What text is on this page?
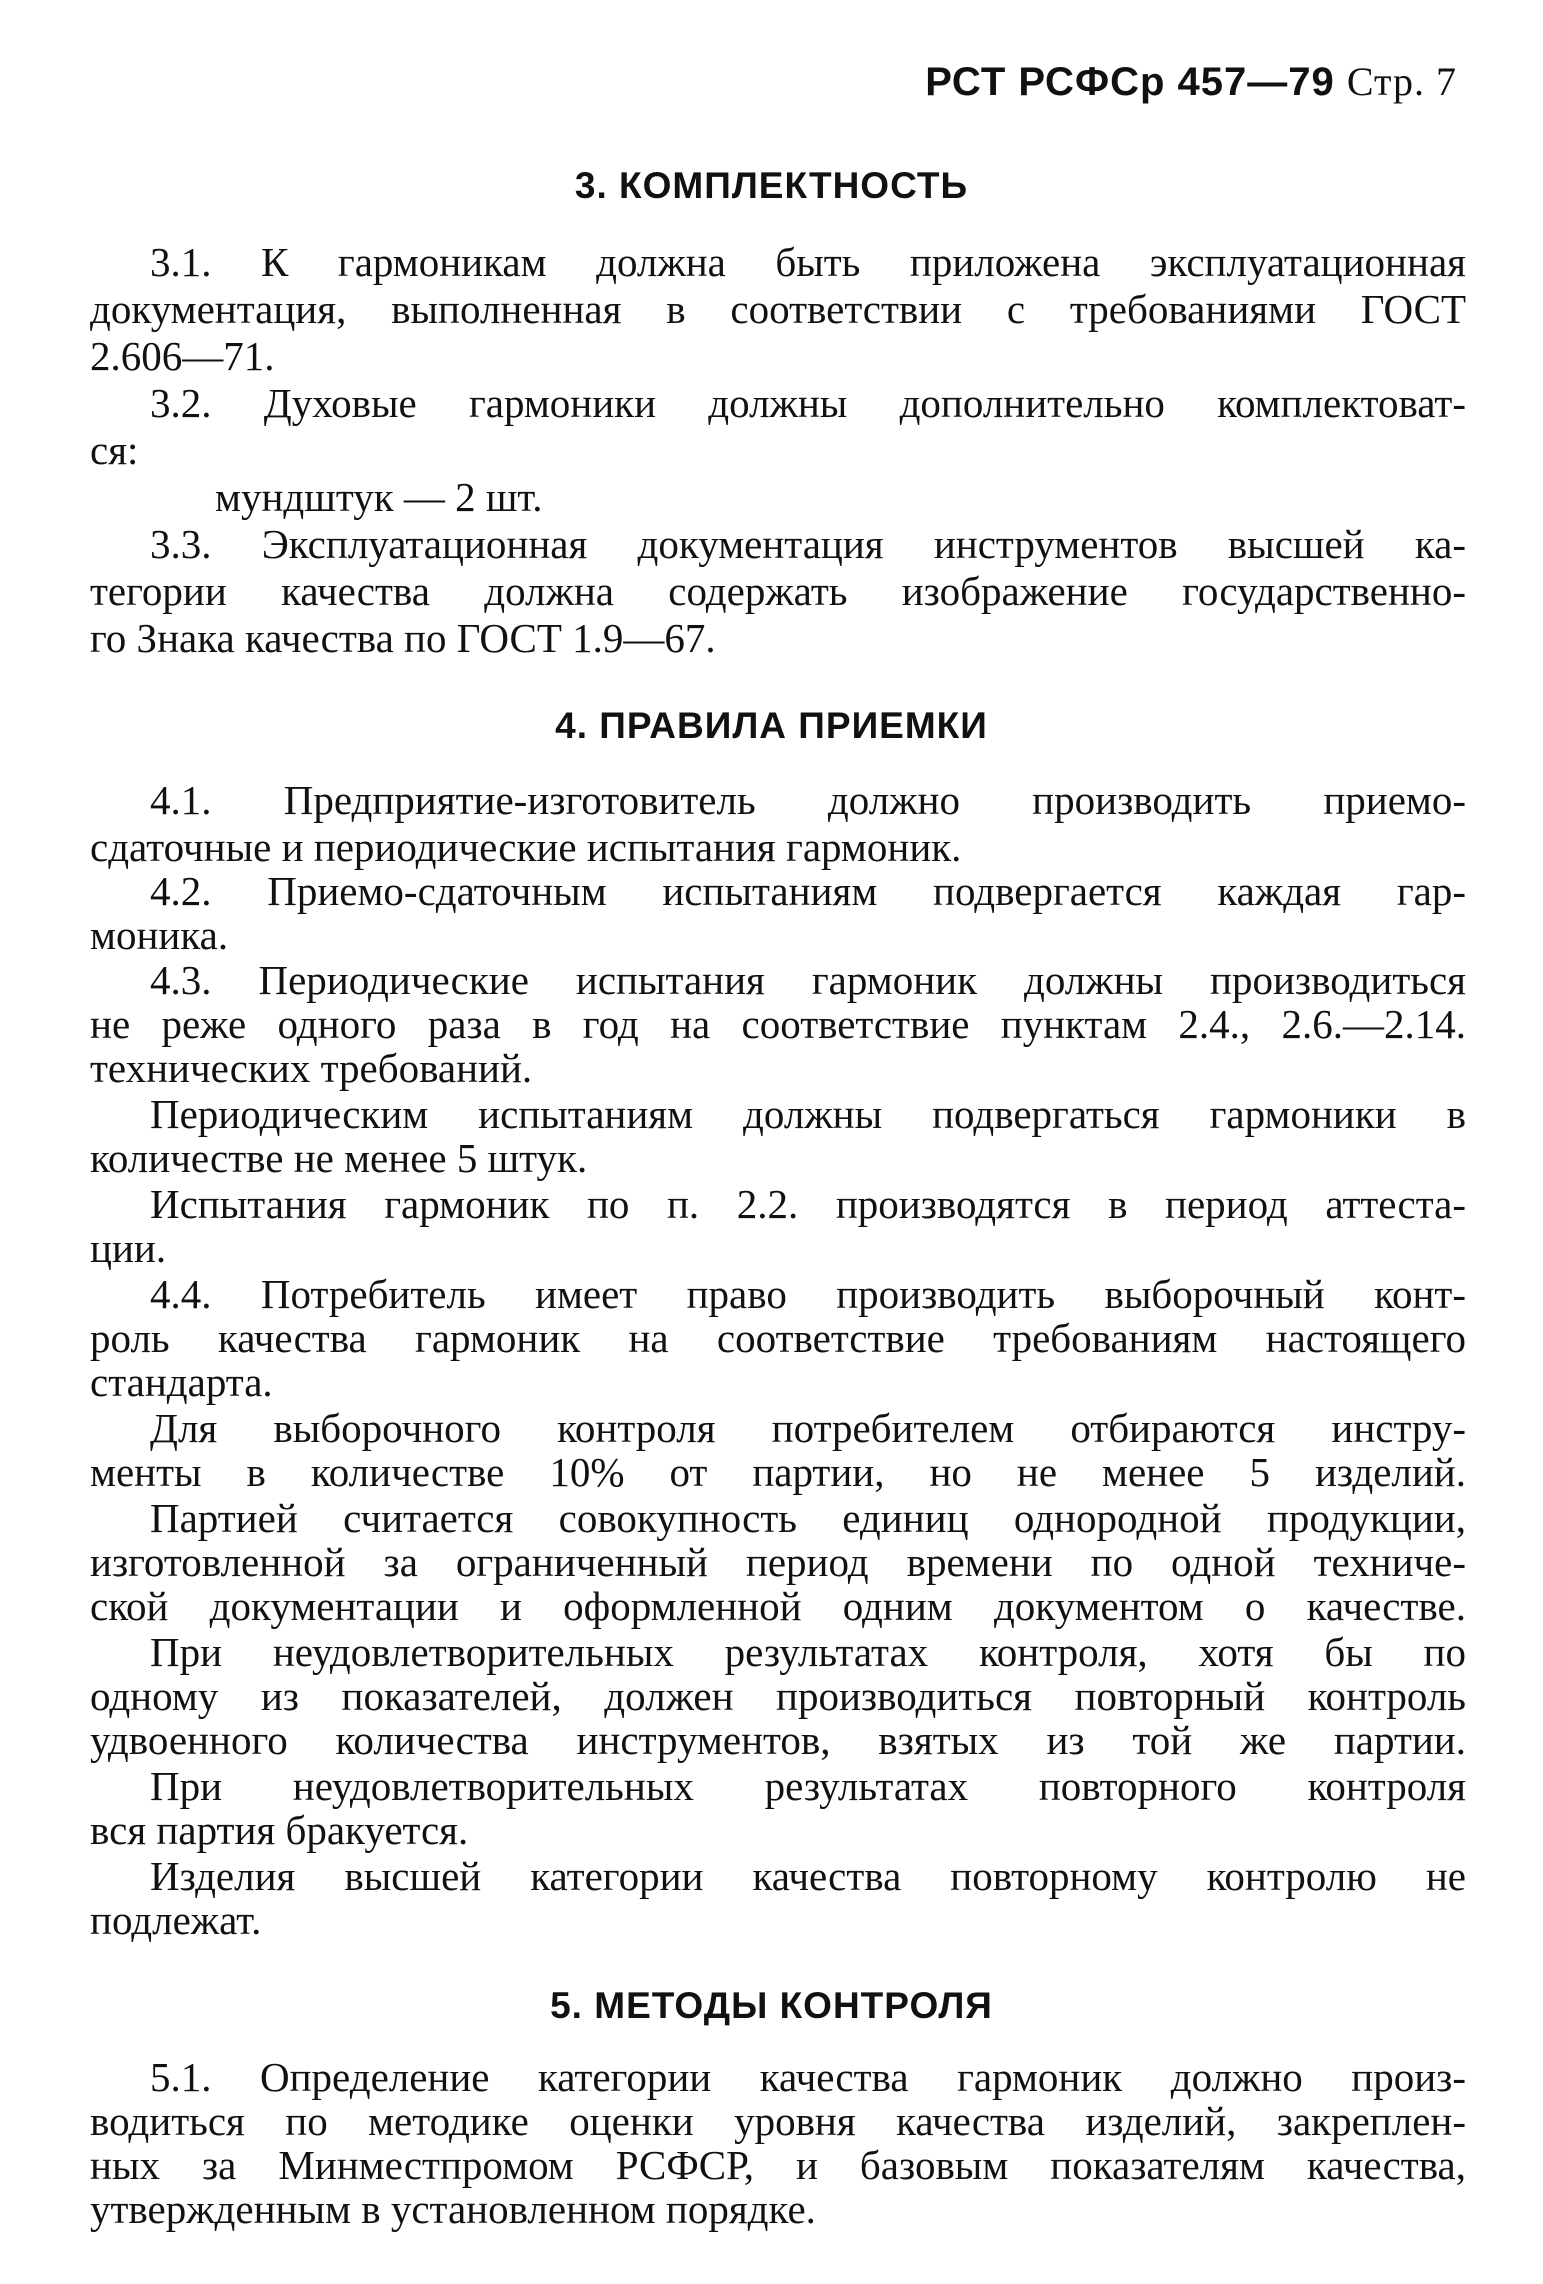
РСТ РСФСр 457—79 Стр. 7
3. КОМПЛЕКТНОСТЬ
3.1. К гармоникам должна быть приложена эксплуатационная
документация, выполненная в соответствии с требованиями ГОСТ
2.606—71.
3.2. Духовые гармоники должны дополнительно комплектоват-
ся:
мундштук — 2 шт.
3.3. Эксплуатационная документация инструментов высшей ка-
тегории качества должна содержать изображение государственно-
го Знака качества по ГОСТ 1.9—67.
4. ПРАВИЛА ПРИЕМКИ
4.1. Предприятие-изготовитель должно производить приемо-
сдаточные и периодические испытания гармоник.
4.2. Приемо-сдаточным испытаниям подвергается каждая гар-
моника.
4.3. Периодические испытания гармоник должны производиться
не реже одного раза в год на соответствие пунктам 2.4., 2.6.—2.14.
технических требований.
Периодическим испытаниям должны подвергаться гармоники в
количестве не менее 5 штук.
Испытания гармоник по п. 2.2. производятся в период аттеста-
ции.
4.4. Потребитель имеет право производить выборочный конт-
роль качества гармоник на соответствие требованиям настоящего
стандарта.
Для выборочного контроля потребителем отбираются инстру-
менты в количестве 10% от партии, но не менее 5 изделий.
Партией считается совокупность единиц однородной продукции,
изготовленной за ограниченный период времени по одной техниче-
ской документации и оформленной одним документом о качестве.
При неудовлетворительных результатах контроля, хотя бы по
одному из показателей, должен производиться повторный контроль
удвоенного количества инструментов, взятых из той же партии.
При неудовлетворительных результатах повторного контроля
вся партия бракуется.
Изделия высшей категории качества повторному контролю не
подлежат.
5. МЕТОДЫ КОНТРОЛЯ
5.1. Определение категории качества гармоник должно произ-
водиться по методике оценки уровня качества изделий, закреплен-
ных за Минместпромом РСФСР, и базовым показателям качества,
утвержденным в установленном порядке.
